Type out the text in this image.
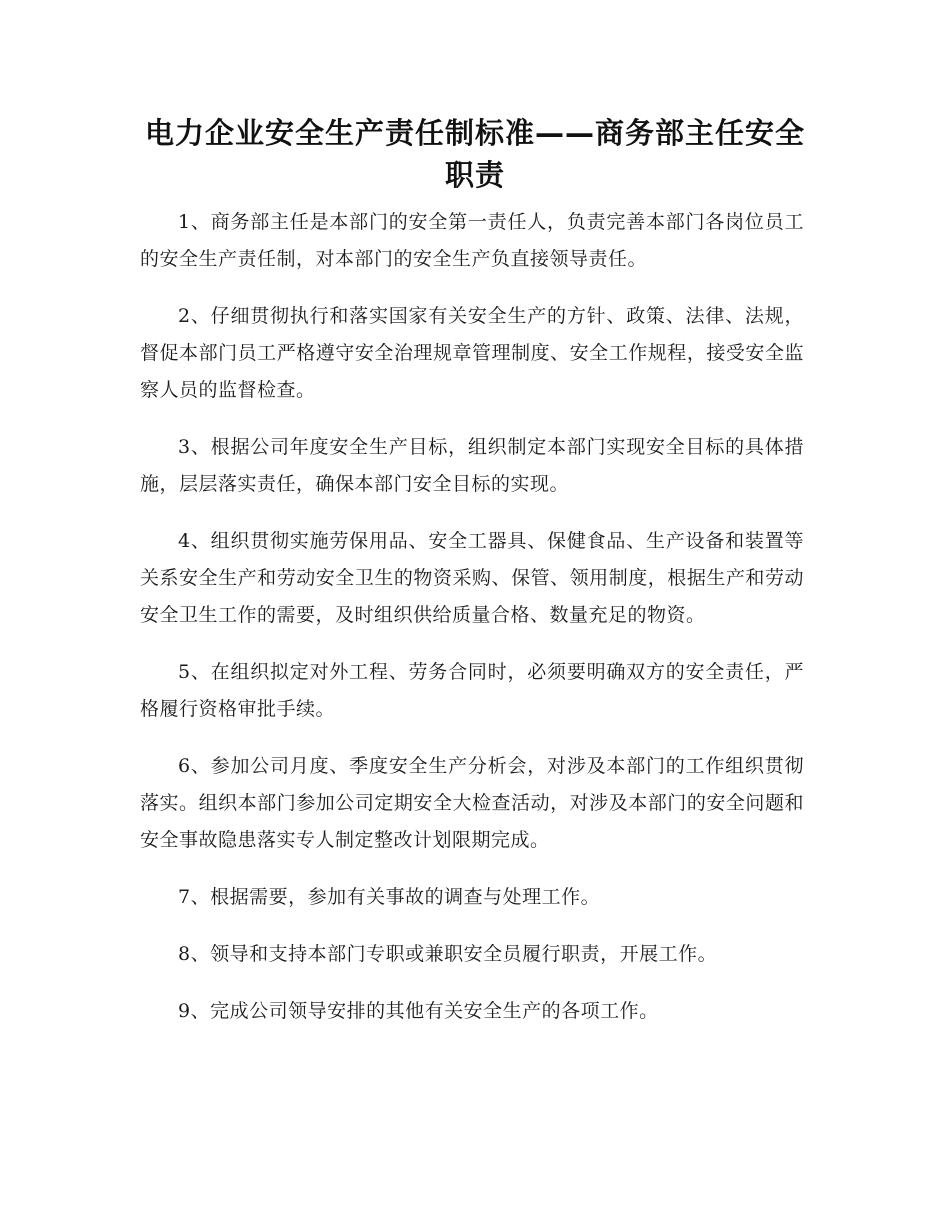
电力企业安全生产责任制标准——商务部主任安全职责

1、商务部主任是本部门的安全第一责任人，负责完善本部门各岗位员工的安全生产责任制，对本部门的安全生产负直接领导责任。

2、仔细贯彻执行和落实国家有关安全生产的方针、政策、法律、法规，督促本部门员工严格遵守安全治理规章管理制度、安全工作规程，接受安全监察人员的监督检查。

3、根据公司年度安全生产目标，组织制定本部门实现安全目标的具体措施，层层落实责任，确保本部门安全目标的实现。

4、组织贯彻实施劳保用品、安全工器具、保健食品、生产设备和装置等关系安全生产和劳动安全卫生的物资采购、保管、领用制度，根据生产和劳动安全卫生工作的需要，及时组织供给质量合格、数量充足的物资。

5、在组织拟定对外工程、劳务合同时，必须要明确双方的安全责任，严格履行资格审批手续。

6、参加公司月度、季度安全生产分析会，对涉及本部门的工作组织贯彻落实。组织本部门参加公司定期安全大检查活动，对涉及本部门的安全问题和安全事故隐患落实专人制定整改计划限期完成。

7、根据需要，参加有关事故的调查与处理工作。

8、领导和支持本部门专职或兼职安全员履行职责，开展工作。

9、完成公司领导安排的其他有关安全生产的各项工作。
